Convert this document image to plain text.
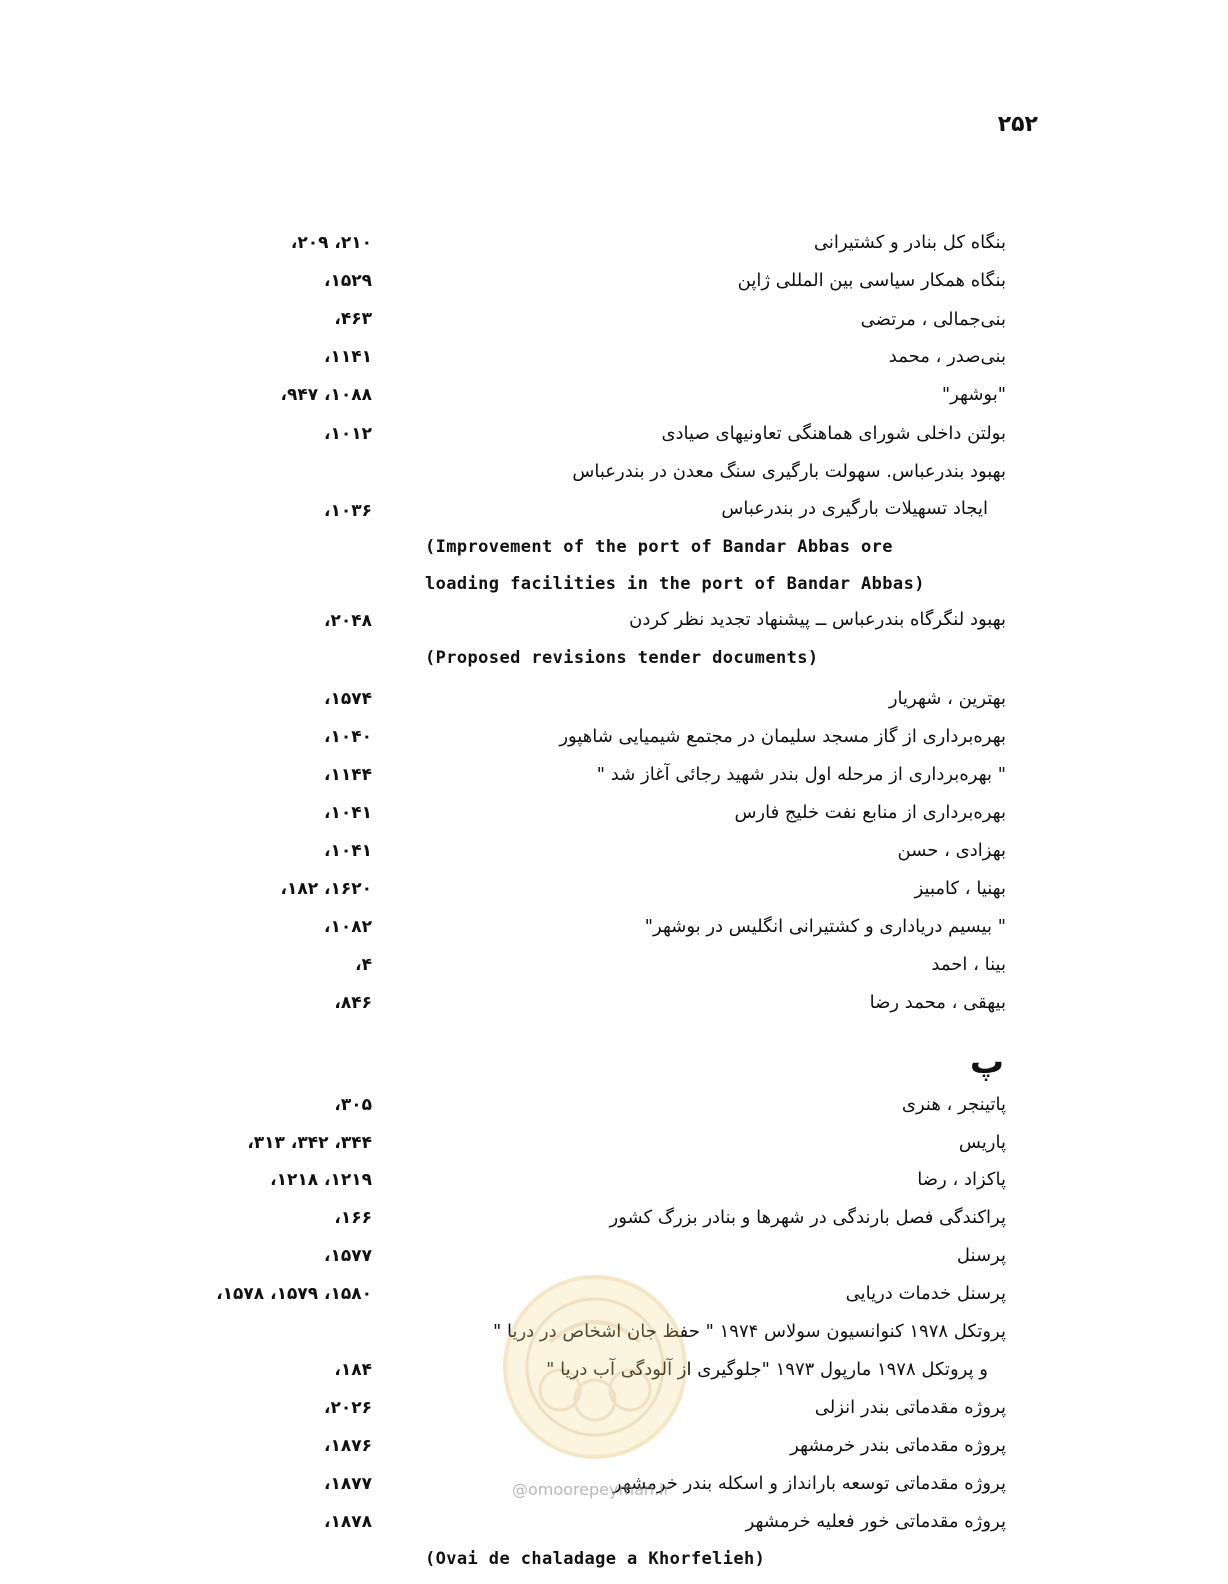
۲۵۲
بنگاه کل بنادر و کشتیرانی
۲۱۰، ۲۰۹،
بنگاه همکار سیاسی بین المللی ژاپن
۱۵۲۹،
بنی‌جمالی ، مرتضی
۴۶۳،
بنی‌صدر ، محمد
۱۱۴۱،
"بوشهر"
۱۰۸۸، ۹۴۷،
بولتن داخلی شورای هماهنگی تعاونیهای صیادی
۱۰۱۲،
بهبود بندرعباس. سهولت بارگیری سنگ معدن در بندرعباس
ایجاد تسهیلات بارگیری در بندرعباس
۱۰۳۶،
(Improvement of the port of Bandar Abbas ore
loading facilities in the port of Bandar Abbas)
بهبود لنگرگاه بندرعباس ــ پیشنهاد تجدید نظر کردن
۲۰۴۸،
(Proposed revisions tender documents)
بهترین ، شهریار
۱۵۷۴،
بهره‌برداری از گاز مسجد سلیمان در مجتمع شیمیایی شاهپور
۱۰۴۰،
" بهره‌برداری از مرحله اول بندر شهید رجائی آغاز شد "
۱۱۴۴،
بهره‌برداری از منابع نفت خلیج فارس
۱۰۴۱،
بهزادی ، حسن
۱۰۴۱،
بهنیا ، کامبیز
۱۶۲۰، ۱۸۲،
" بیسیم دریاداری و کشتیرانی انگلیس در بوشهر"
۱۰۸۲،
بینا ، احمد
۴،
بیهقی ، محمد رضا
۸۴۶،
پ
پاتینجر ، هنری
۳۰۵،
پاریس
۳۴۴، ۳۴۲، ۳۱۳،
پاکزاد ، رضا
۱۲۱۹، ۱۲۱۸،
پراکندگی فصل بارندگی در شهرها و بنادر بزرگ کشور
۱۶۶،
پرسنل
۱۵۷۷،
پرسنل خدمات دریایی
۱۵۸۰، ۱۵۷۹، ۱۵۷۸،
پروتکل ۱۹۷۸ کنوانسیون سولاس ۱۹۷۴ " حفظ جان اشخاص در دریا "
و پروتکل ۱۹۷۸ مارپول ۱۹۷۳ "جلوگیری از آلودگی آب دریا "
۱۸۴،
پروژه مقدماتی بندر انزلی
۲۰۲۶،
پروژه مقدماتی بندر خرمشهر
۱۸۷۶،
پروژه مقدماتی توسعه بارانداز و اسکله بندر خرمشهر
۱۸۷۷،
پروژه مقدماتی خور فعلیه خرمشهر
۱۸۷۸،
(Ovai de chaladage a Khorfelieh)
@omoorepeyman.ir
